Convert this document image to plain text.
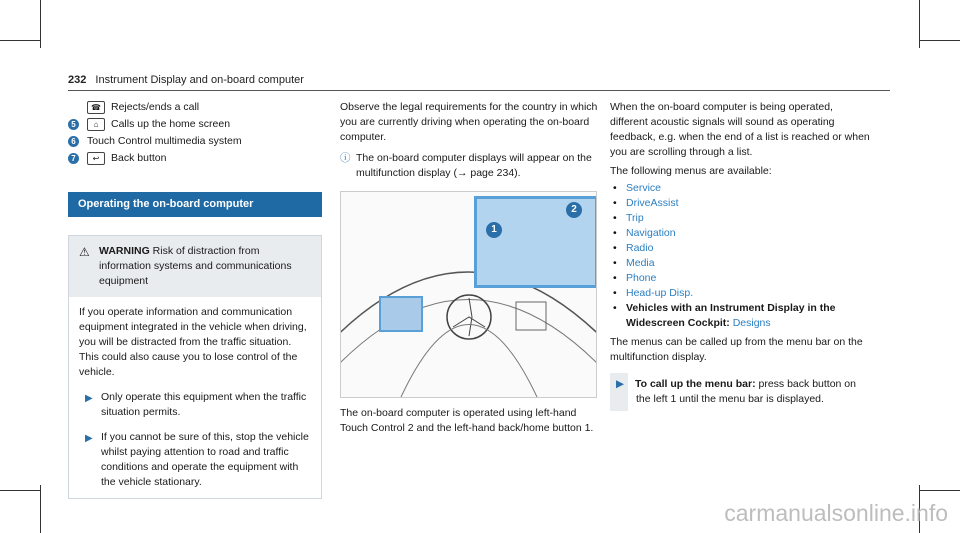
232 Instrument Display and on-board computer
☎ Rejects/ends a call
5	⌂	Calls up the home screen
6	Touch Control multimedia system
7	↩	Back button
Operating the on-board computer
⚠ WARNING Risk of distraction from information systems and communications equipment
If you operate information and communication equipment integrated in the vehicle when driving, you will be distracted from the traffic situation. This could also cause you to lose control of the vehicle.
▶ Only operate this equipment when the traffic situation permits.
▶ If you cannot be sure of this, stop the vehicle whilst paying attention to road and traffic conditions and operate the equipment with the vehicle stationary.
Observe the legal requirements for the country in which you are currently driving when operating the on-board computer.
ⓘ The on-board computer displays will appear on the multifunction display (→ page 234).
1
2
The on-board computer is operated using left-hand Touch Control 2 and the left-hand back/home button 1.
When the on-board computer is being operated, different acoustic signals will sound as operating feedback, e.g. when the end of a list is reached or when you are scrolling through a list.
The following menus are available:
• Service
• DriveAssist
• Trip
• Navigation
• Radio
• Media
• Phone
• Head-up Disp.
• Vehicles with an Instrument Display in the Widescreen Cockpit: Designs
The menus can be called up from the menu bar on the multifunction display.
▶ To call up the menu bar: press back button on the left 1 until the menu bar is displayed.
carmanualsonline.info
